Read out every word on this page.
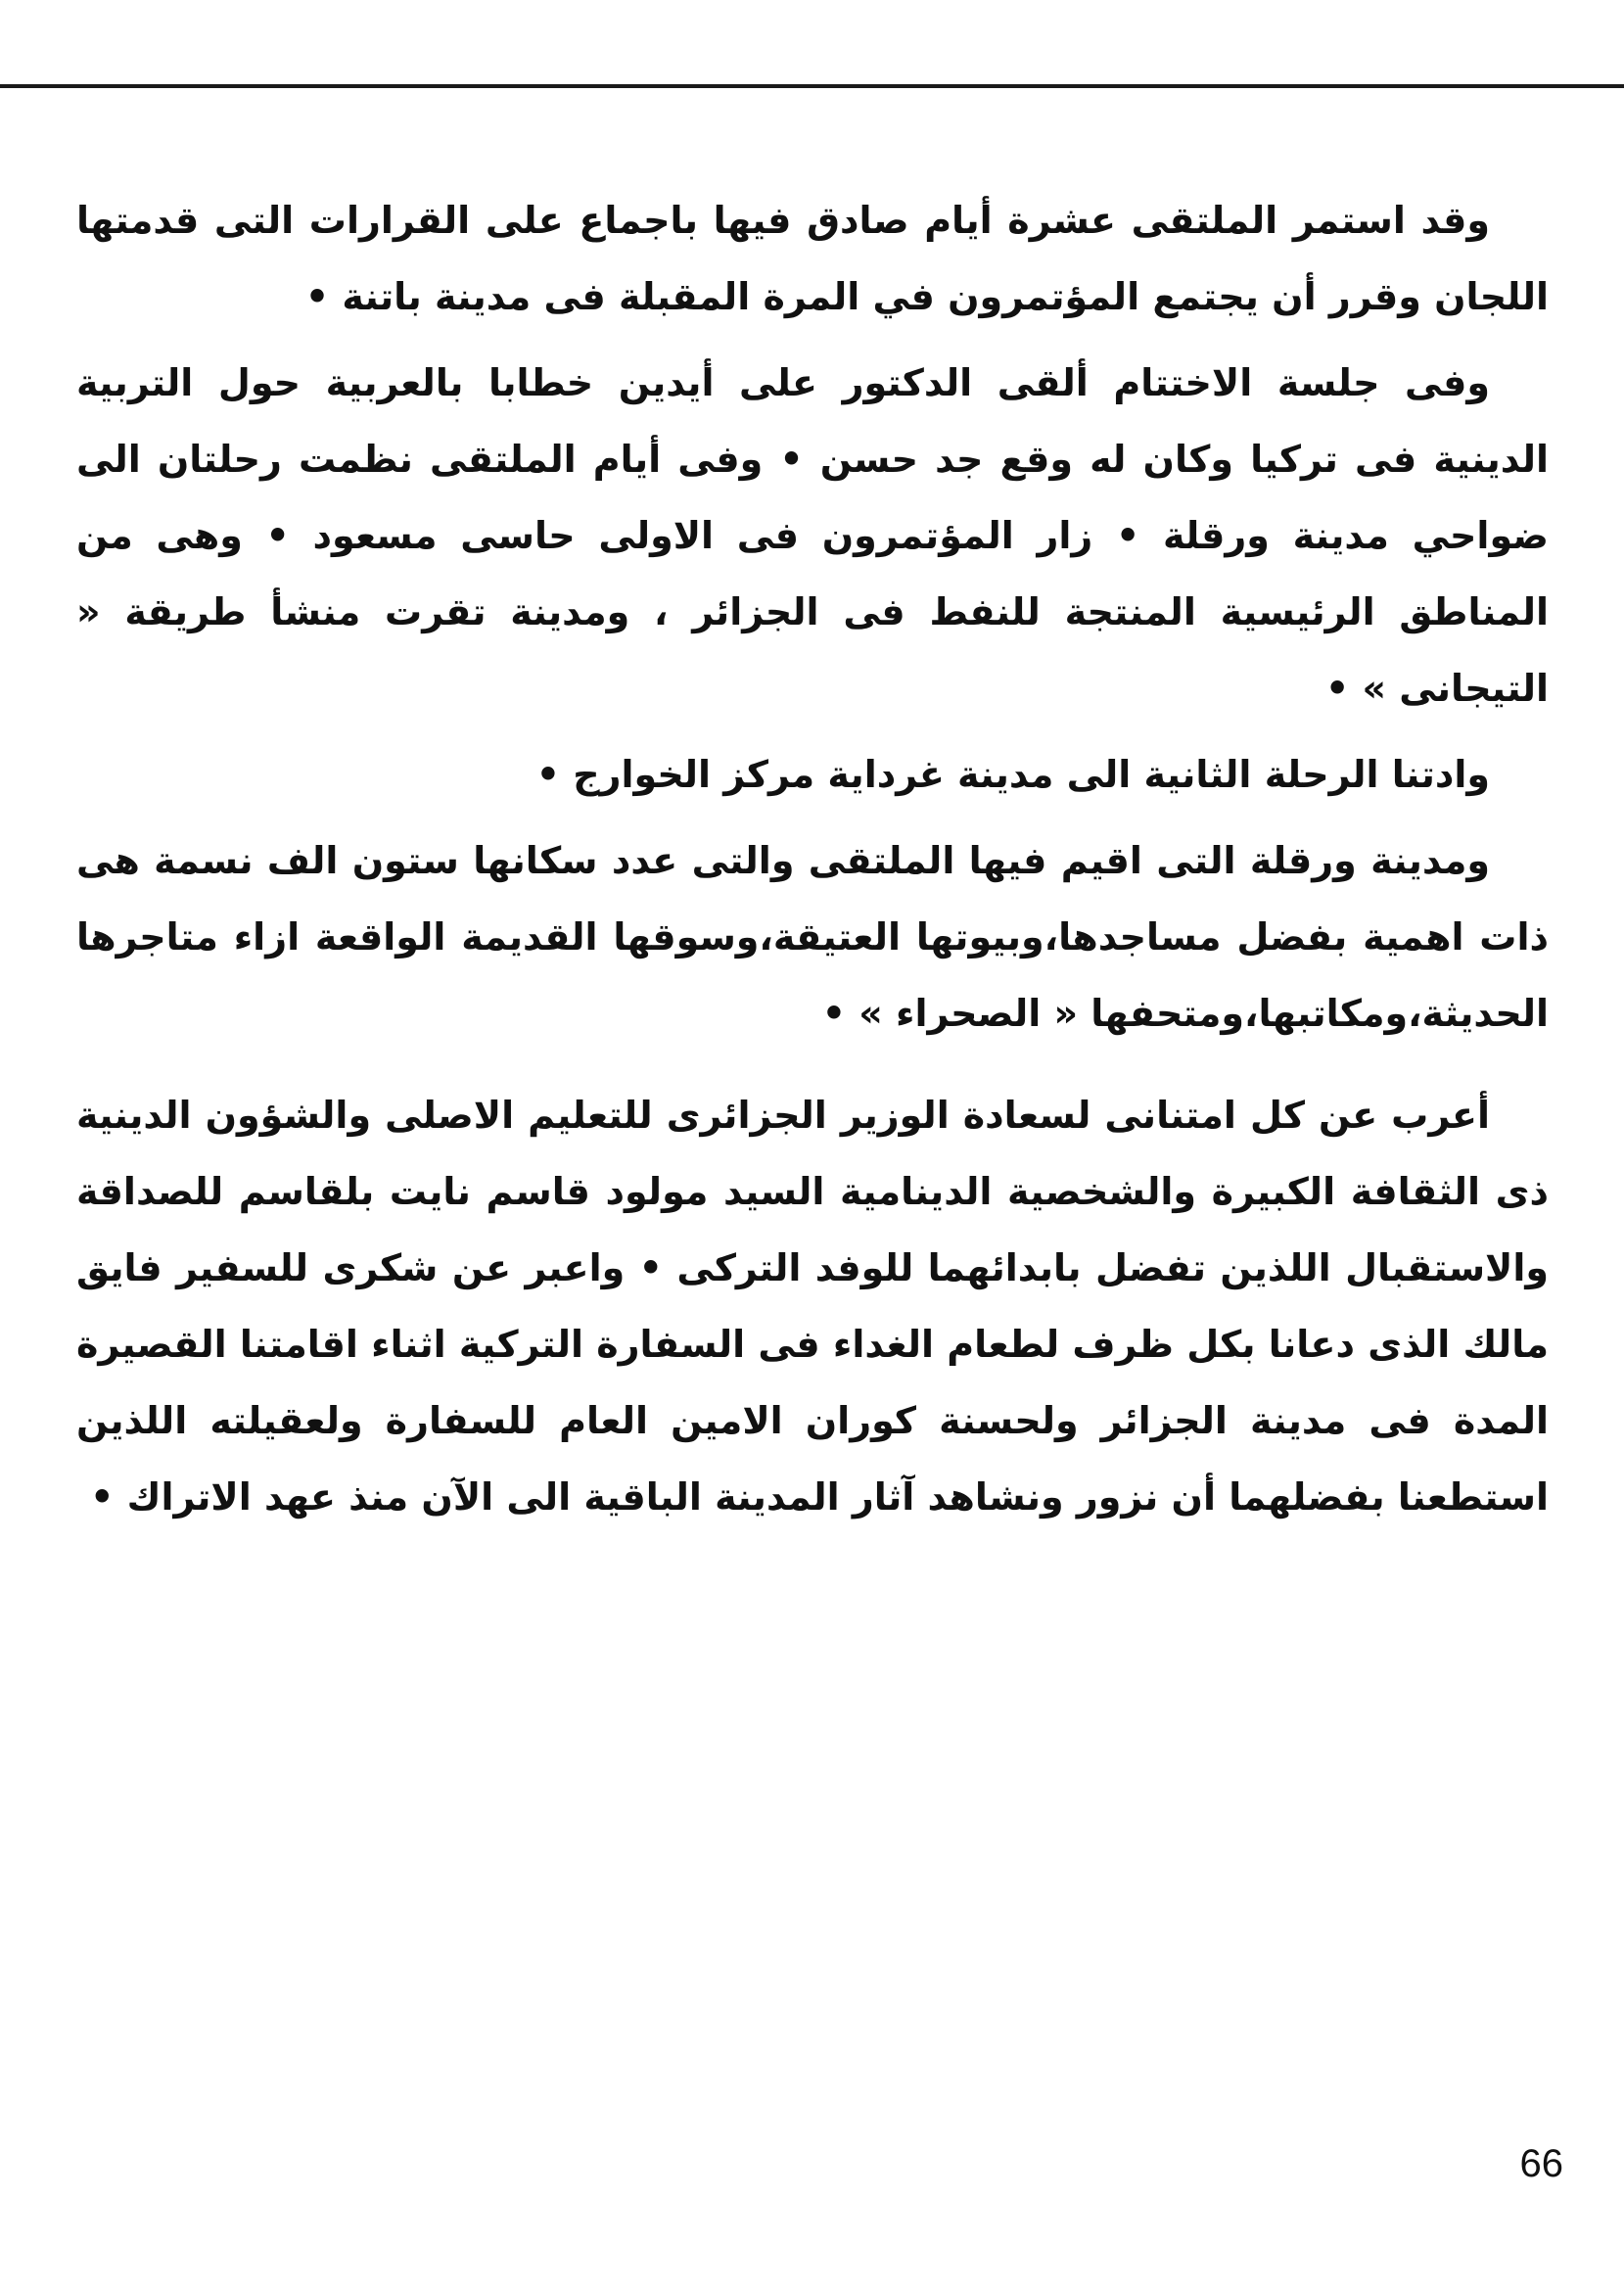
وقد استمر الملتقى عشرة أيام صادق فيها باجماع على القرارات التى قدمتها اللجان وقرر أن يجتمع المؤتمرون في المرة المقبلة فى مدينة باتنة •

وفى جلسة الاختتام ألقى الدكتور على أيدين خطابا بالعربية حول التربية الدينية فى تركيا وكان له وقع جد حسن • وفى أيام الملتقى نظمت رحلتان الى ضواحي مدينة ورقلة • زار المؤتمرون فى الاولى حاسى مسعود • وهى من المناطق الرئيسية المنتجة للنفط فى الجزائر ، ومدينة تقرت منشأ طريقة « التيجانى » •

وادتنا الرحلة الثانية الى مدينة غرداية مركز الخوارج •

ومدينة ورقلة التى اقيم فيها الملتقى والتى عدد سكانها ستون الف نسمة هى ذات اهمية بفضل مساجدها،وبيوتها العتيقة،وسوقها القديمة الواقعة ازاء متاجرها الحديثة،ومكاتبها،ومتحفها « الصحراء » •

أعرب عن كل امتنانى لسعادة الوزير الجزائرى للتعليم الاصلى والشؤون الدينية ذى الثقافة الكبيرة والشخصية الدينامية السيد مولود قاسم نايت بلقاسم للصداقة والاستقبال اللذين تفضل بابدائهما للوفد التركى • واعبر عن شكرى للسفير فايق مالك الذى دعانا بكل ظرف لطعام الغداء فى السفارة التركية اثناء اقامتنا القصيرة المدة فى مدينة الجزائر ولحسنة كوران الامين العام للسفارة ولعقيلته اللذين استطعنا بفضلهما أن نزور ونشاهد آثار المدينة الباقية الى الآن منذ عهد الاتراك •

66
